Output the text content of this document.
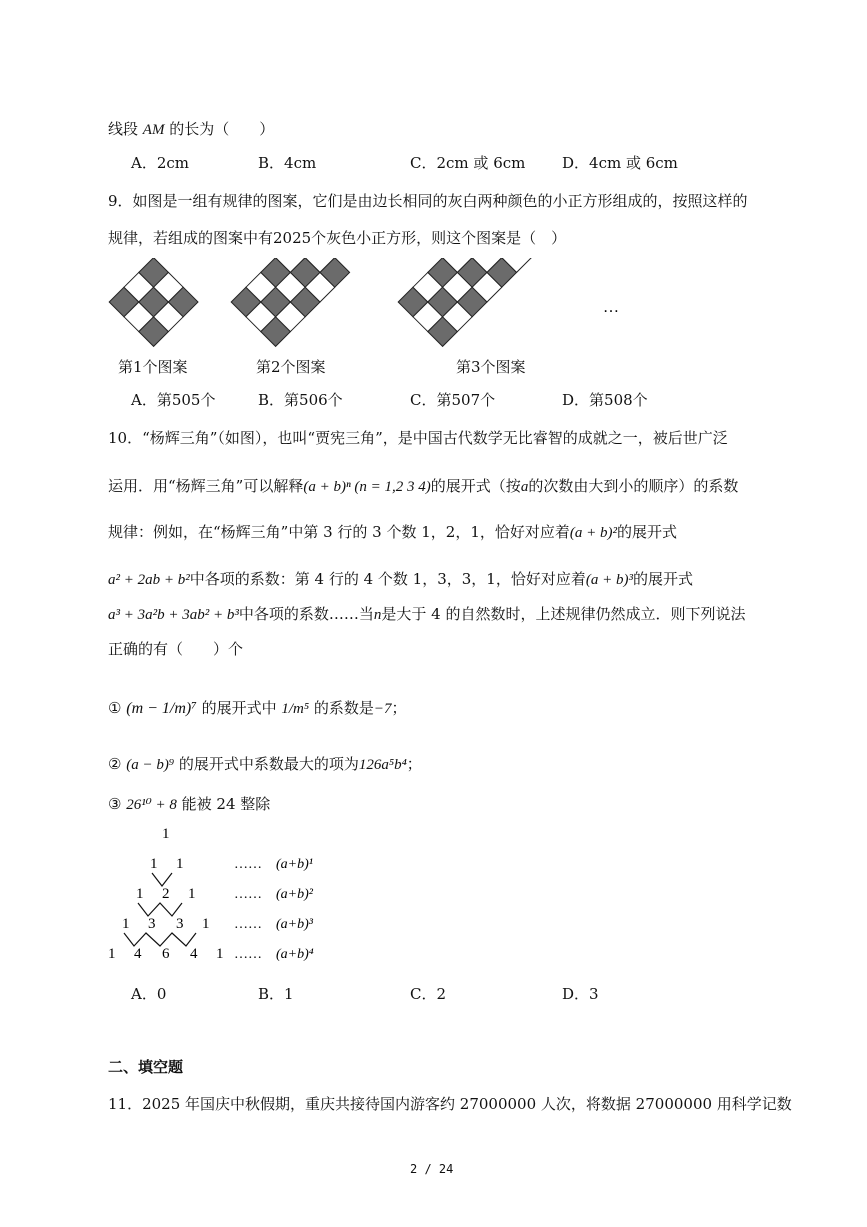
线段 AM 的长为（　　）
A．2cm	B．4cm	C．2cm 或 6cm D．4cm 或 6cm
9．如图是一组有规律的图案，它们是由边长相同的灰白两种颜色的小正方形组成的，按照这样的
规律，若组成的图案中有2025个灰色小正方形，则这个图案是（　）
…
第1个图案	第2个图案	第3个图案
A．第505个	B．第506个	C．第507个	D．第508个
10．“杨辉三角”（如图），也叫“贾宪三角”，是中国古代数学无比睿智的成就之一，被后世广泛
运用．用“杨辉三角”可以解释(a + b)ⁿ (n = 1,2 3 4)的展开式（按a的次数由大到小的顺序）的系数
规律：例如，在“杨辉三角”中第 3 行的 3 个数 1，2，1，恰好对应着(a + b)²的展开式
a² + 2ab + b²中各项的系数：第 4 行的 4 个数 1，3，3，1，恰好对应着(a + b)³的展开式
a³ + 3a²b + 3ab² + b³中各项的系数……当n是大于 4 的自然数时，上述规律仍然成立．则下列说法
正确的有（　　）个
① (m − 1/m)⁷ 的展开式中 1/m⁵ 的系数是−7；
② (a − b)⁹ 的展开式中系数最大的项为126a⁵b⁴；
③ 26¹⁰ + 8 能被 24 整除
1
1 1
1 2 1
1 3 3 1
1 4 6 4 1
…… (a+b)¹
…… (a+b)²
…… (a+b)³
…… (a+b)⁴
A．0	B．1	C．2	D．3
二、填空题
11．2025 年国庆中秋假期，重庆共接待国内游客约 27000000 人次，将数据 27000000 用科学记数
2 / 24
